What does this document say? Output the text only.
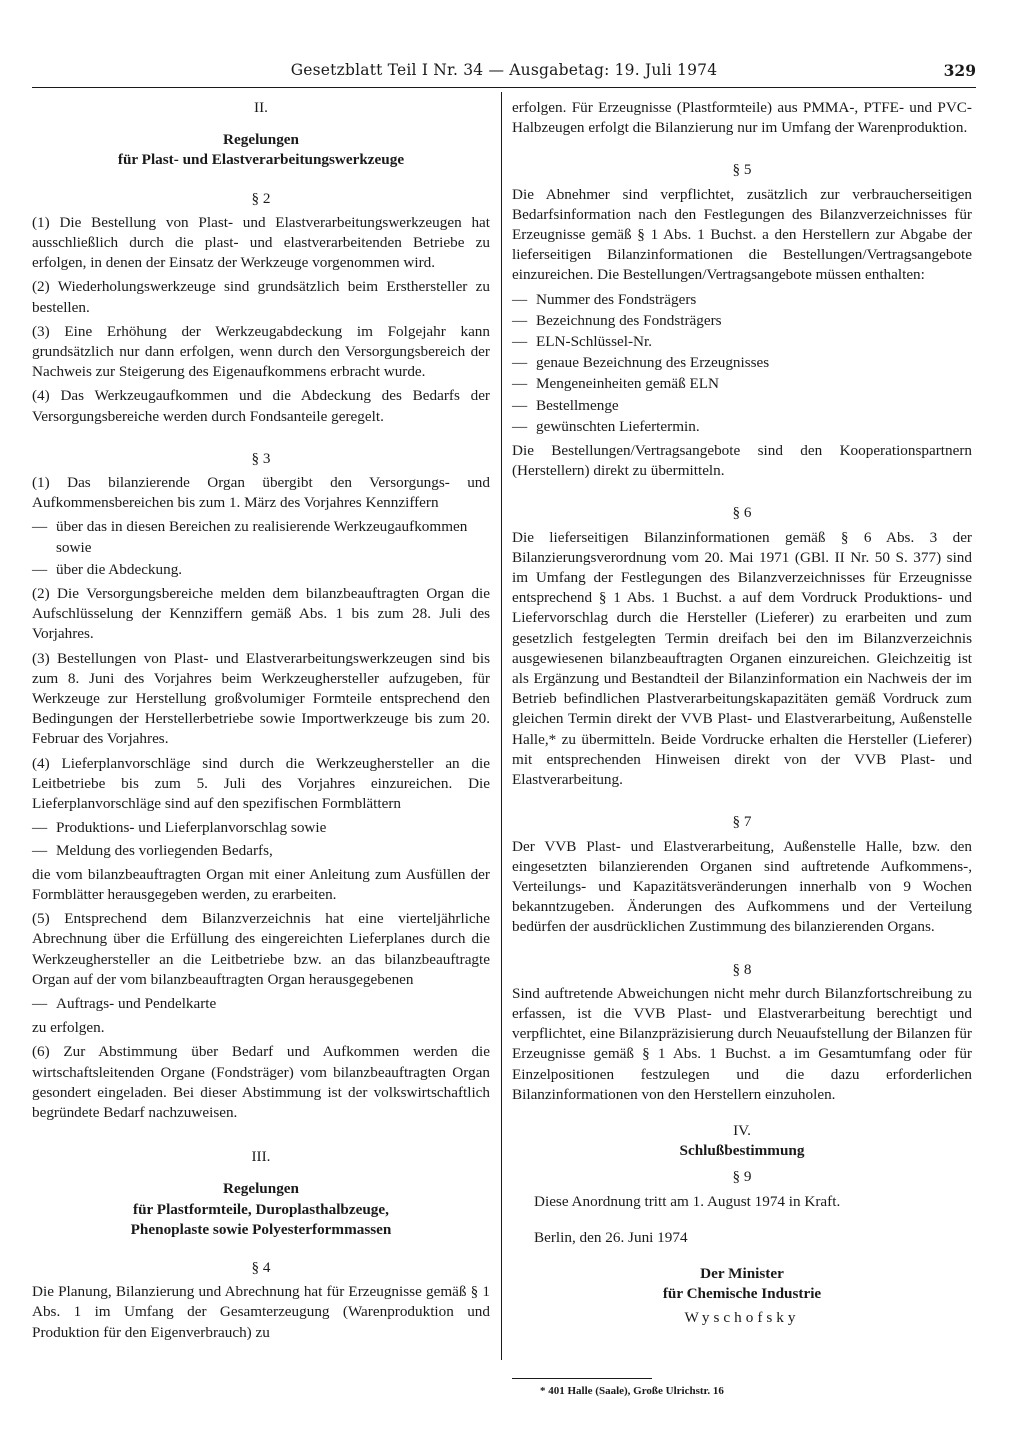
Gesetzblatt Teil I Nr. 34 — Ausgabetag: 19. Juli 1974	329

II.

Regelungen

für Plast- und Elastverarbeitungswerkzeuge

§ 2

(1) Die Bestellung von Plast- und Elastverarbeitungswerkzeugen hat ausschließlich durch die plast- und elastverarbeitenden Betriebe zu erfolgen, in denen der Einsatz der Werkzeuge vorgenommen wird.

(2) Wiederholungswerkzeuge sind grundsätzlich beim Ersthersteller zu bestellen.

(3) Eine Erhöhung der Werkzeugabdeckung im Folgejahr kann grundsätzlich nur dann erfolgen, wenn durch den Versorgungsbereich der Nachweis zur Steigerung des Eigenaufkommens erbracht wurde.

(4) Das Werkzeugaufkommen und die Abdeckung des Bedarfs der Versorgungsbereiche werden durch Fondsanteile geregelt.

§ 3

(1) Das bilanzierende Organ übergibt den Versorgungs- und Aufkommensbereichen bis zum 1. März des Vorjahres Kennziffern

— über das in diesen Bereichen zu realisierende Werkzeugaufkommen sowie
— über die Abdeckung.

(2) Die Versorgungsbereiche melden dem bilanzbeauftragten Organ die Aufschlüsselung der Kennziffern gemäß Abs. 1 bis zum 28. Juli des Vorjahres.

(3) Bestellungen von Plast- und Elastverarbeitungswerkzeugen sind bis zum 8. Juni des Vorjahres beim Werkzeughersteller aufzugeben, für Werkzeuge zur Herstellung großvolumiger Formteile entsprechend den Bedingungen der Herstellerbetriebe sowie Importwerkzeuge bis zum 20. Februar des Vorjahres.

(4) Lieferplanvorschläge sind durch die Werkzeughersteller an die Leitbetriebe bis zum 5. Juli des Vorjahres einzureichen. Die Lieferplanvorschläge sind auf den spezifischen Formblättern

— Produktions- und Lieferplanvorschlag sowie
— Meldung des vorliegenden Bedarfs,

die vom bilanzbeauftragten Organ mit einer Anleitung zum Ausfüllen der Formblätter herausgegeben werden, zu erarbeiten.

(5) Entsprechend dem Bilanzverzeichnis hat eine vierteljährliche Abrechnung über die Erfüllung des eingereichten Lieferplanes durch die Werkzeughersteller an die Leitbetriebe bzw. an das bilanzbeauftragte Organ auf der vom bilanzbeauftragten Organ herausgegebenen

— Auftrags- und Pendelkarte

zu erfolgen.

(6) Zur Abstimmung über Bedarf und Aufkommen werden die wirtschaftsleitenden Organe (Fondsträger) vom bilanzbeauftragten Organ gesondert eingeladen. Bei dieser Abstimmung ist der volkswirtschaftlich begründete Bedarf nachzuweisen.

III.

Regelungen

für Plastformteile, Duroplasthalbzeuge,

Phenoplaste sowie Polyesterformmassen

§ 4

Die Planung, Bilanzierung und Abrechnung hat für Erzeugnisse gemäß § 1 Abs. 1 im Umfang der Gesamterzeugung (Warenproduktion und Produktion für den Eigenverbrauch) zu

erfolgen. Für Erzeugnisse (Plastformteile) aus PMMA-, PTFE- und PVC-Halbzeugen erfolgt die Bilanzierung nur im Umfang der Warenproduktion.

§ 5

Die Abnehmer sind verpflichtet, zusätzlich zur verbraucherseitigen Bedarfsinformation nach den Festlegungen des Bilanzverzeichnisses für Erzeugnisse gemäß § 1 Abs. 1 Buchst. a den Herstellern zur Abgabe der lieferseitigen Bilanzinformationen die Bestellungen/Vertragsangebote einzureichen. Die Bestellungen/Vertragsangebote müssen enthalten:

— Nummer des Fondsträgers
— Bezeichnung des Fondsträgers
— ELN-Schlüssel-Nr.
— genaue Bezeichnung des Erzeugnisses
— Mengeneinheiten gemäß ELN
— Bestellmenge
— gewünschten Liefertermin.

Die Bestellungen/Vertragsangebote sind den Kooperationspartnern (Herstellern) direkt zu übermitteln.

§ 6

Die lieferseitigen Bilanzinformationen gemäß § 6 Abs. 3 der Bilanzierungsverordnung vom 20. Mai 1971 (GBl. II Nr. 50 S. 377) sind im Umfang der Festlegungen des Bilanzverzeichnisses für Erzeugnisse entsprechend § 1 Abs. 1 Buchst. a auf dem Vordruck Produktions- und Liefervorschlag durch die Hersteller (Lieferer) zu erarbeiten und zum gesetzlich festgelegten Termin dreifach bei den im Bilanzverzeichnis ausgewiesenen bilanzbeauftragten Organen einzureichen. Gleichzeitig ist als Ergänzung und Bestandteil der Bilanzinformation ein Nachweis der im Betrieb befindlichen Plastverarbeitungskapazitäten gemäß Vordruck zum gleichen Termin direkt der VVB Plast- und Elastverarbeitung, Außenstelle Halle,* zu übermitteln. Beide Vordrucke erhalten die Hersteller (Lieferer) mit entsprechenden Hinweisen direkt von der VVB Plast- und Elastverarbeitung.

§ 7

Der VVB Plast- und Elastverarbeitung, Außenstelle Halle, bzw. den eingesetzten bilanzierenden Organen sind auftretende Aufkommens-, Verteilungs- und Kapazitätsveränderungen innerhalb von 9 Wochen bekanntzugeben. Änderungen des Aufkommens und der Verteilung bedürfen der ausdrücklichen Zustimmung des bilanzierenden Organs.

§ 8

Sind auftretende Abweichungen nicht mehr durch Bilanzfortschreibung zu erfassen, ist die VVB Plast- und Elastverarbeitung berechtigt und verpflichtet, eine Bilanzpräzisierung durch Neuaufstellung der Bilanzen für Erzeugnisse gemäß § 1 Abs. 1 Buchst. a im Gesamtumfang oder für Einzelpositionen festzulegen und die dazu erforderlichen Bilanzinformationen von den Herstellern einzuholen.

IV.

Schlußbestimmung

§ 9

Diese Anordnung tritt am 1. August 1974 in Kraft.

Berlin, den 26. Juni 1974

Der Minister

für Chemische Industrie

Wyschofsky

* 401 Halle (Saale), Große Ulrichstr. 16
